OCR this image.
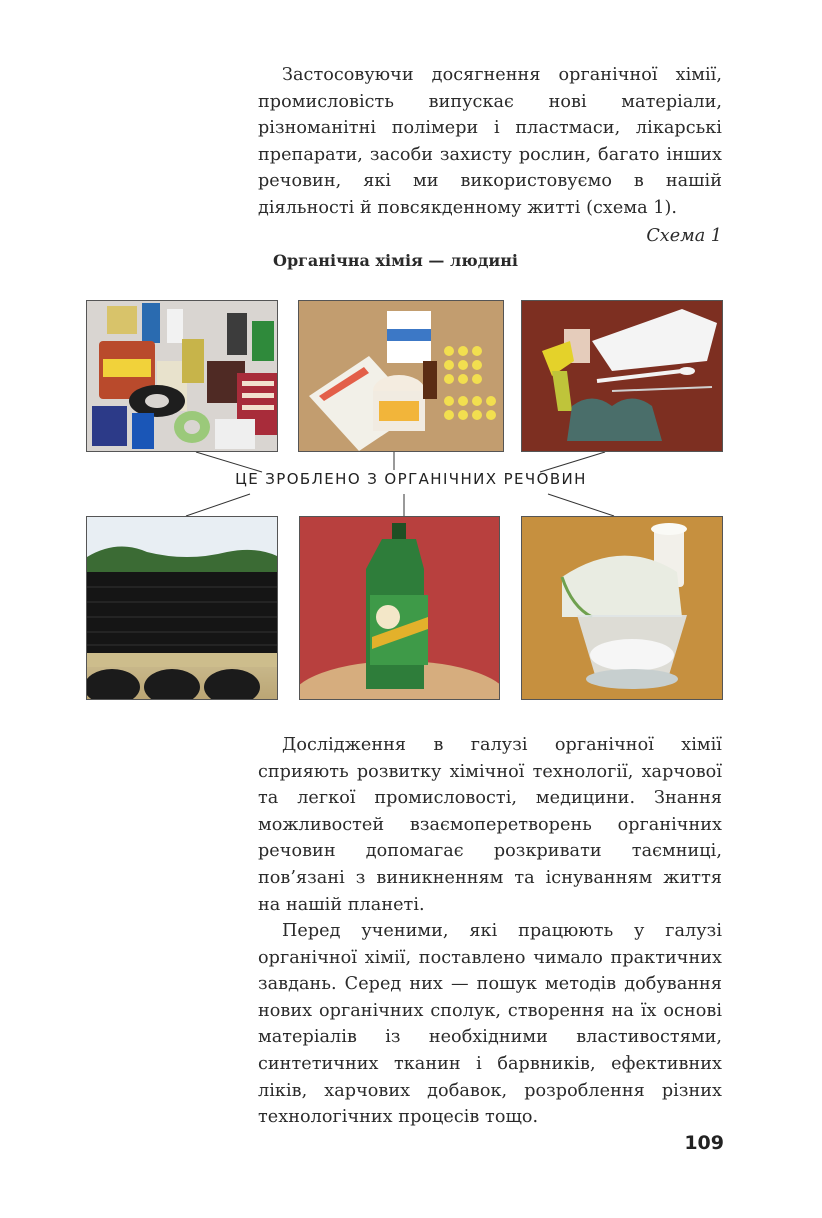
Застосовуючи досягнення органічної хімії, промисловість випускає нові матеріали, різноманітні полімери і пластмаси, лікарські препарати, засоби захисту рослин, багато інших речовин, які ми використовуємо в нашій діяльності й повсякденному житті (схема 1).

Схема 1
Органічна хімія — людині
ЦЕ ЗРОБЛЕНО З ОРГАНІЧНИХ РЕЧОВИН

Дослідження в галузі органічної хімії сприяють розвитку хімічної технології, харчової та легкої промисловості, медицини. Знання можливостей взаємоперетворень органічних речовин допомагає розкривати таємниці, пов’язані з виникненням та існуванням життя на нашій планеті.

Перед ученими, які працюють у галузі органічної хімії, поставлено чимало практичних завдань. Серед них — пошук методів добування нових органічних сполук, створення на їх основі матеріалів із необхідними властивостями, синтетичних тканин і барвників, ефективних ліків, харчових добавок, розроблення різних технологічних процесів тощо.

109
